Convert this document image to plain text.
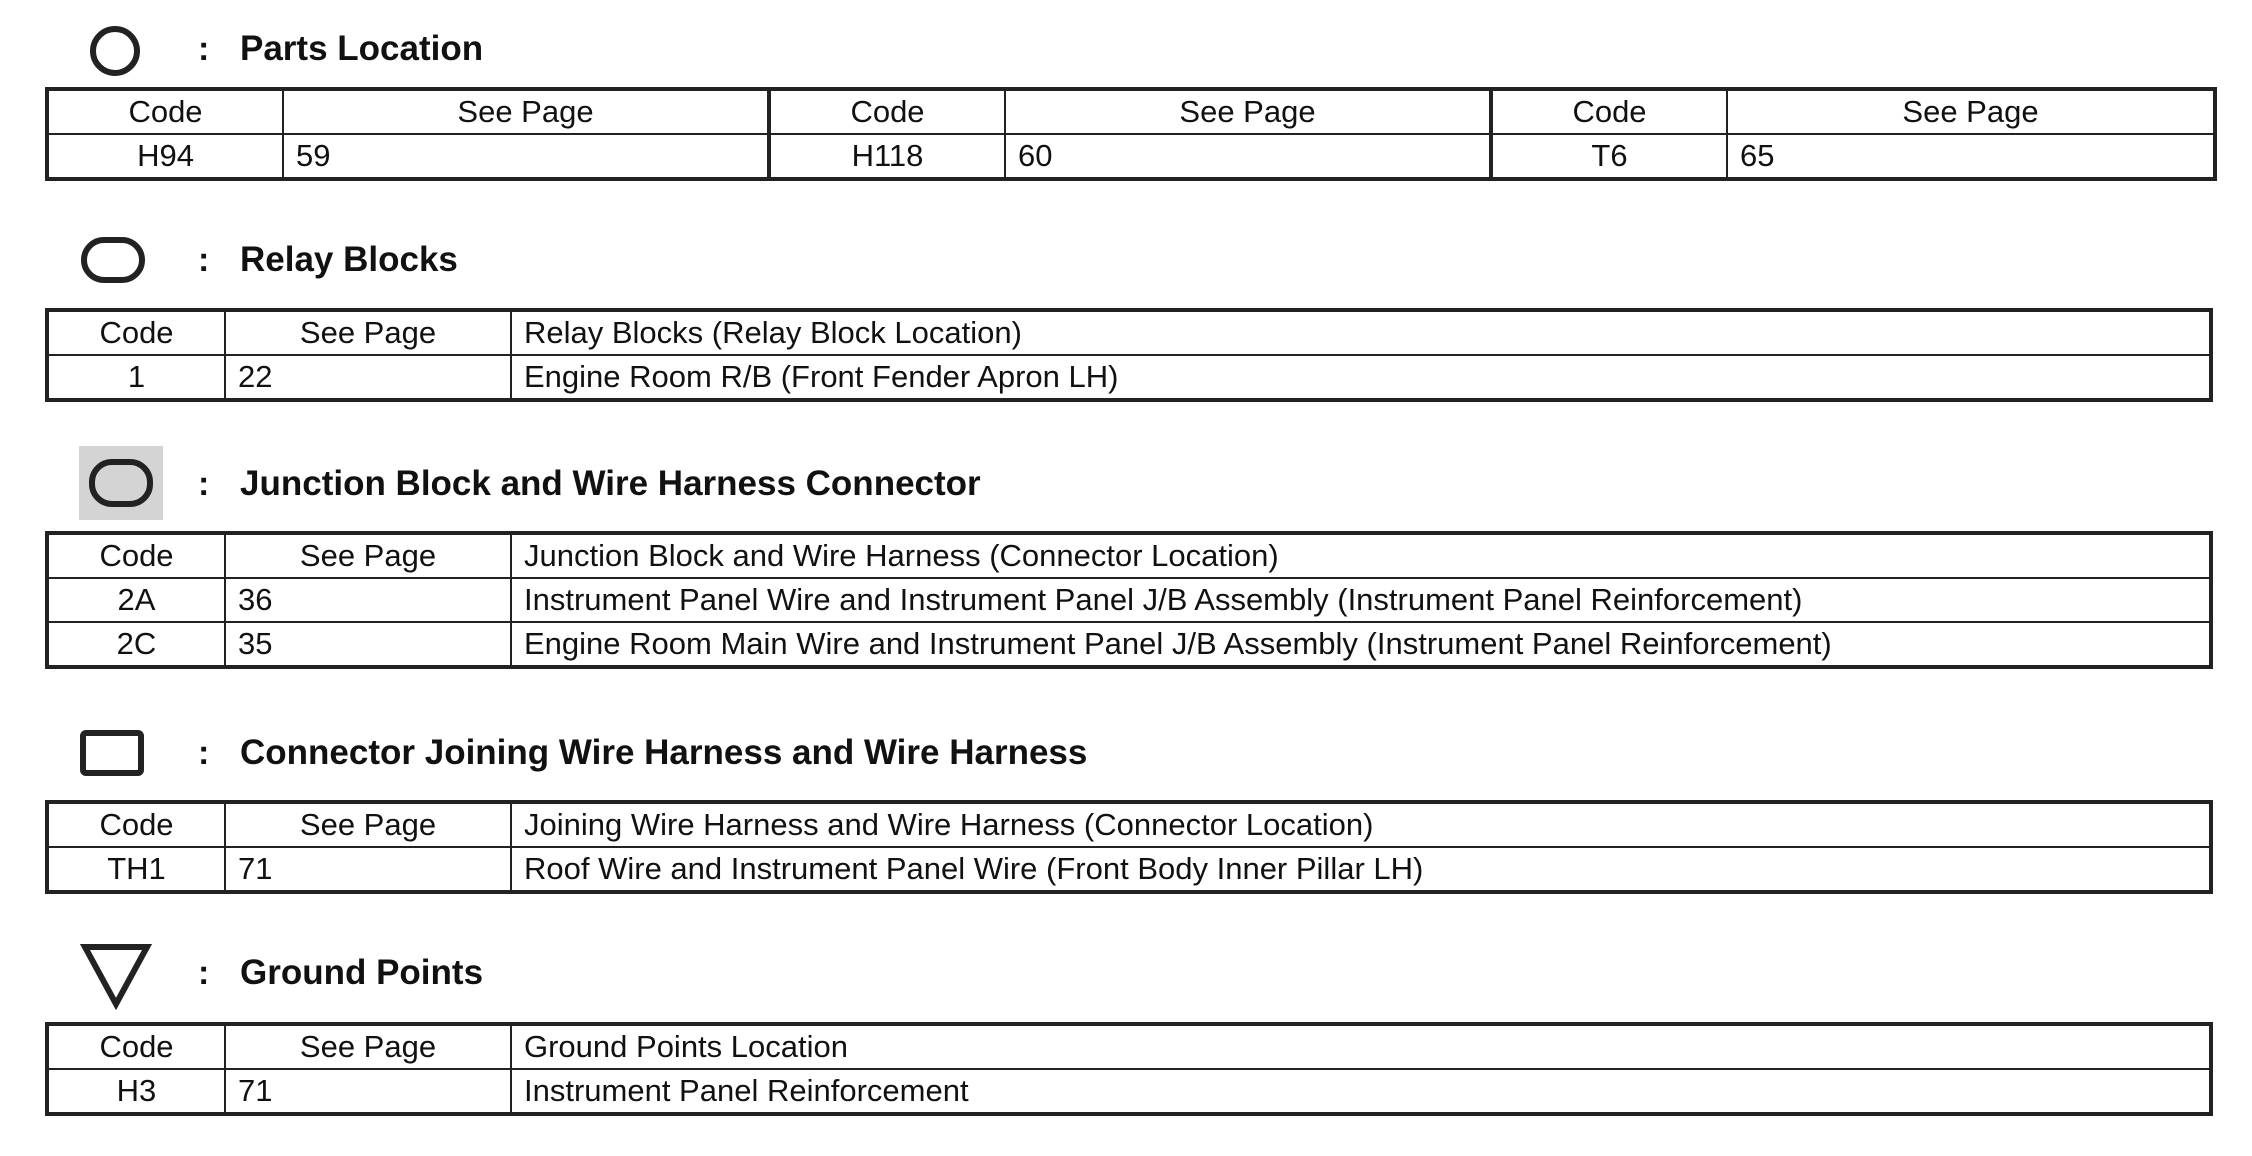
: Parts Location
Code	See Page	Code	See Page	Code	See Page
H94	59	H118	60	T6	65
: Relay Blocks
Code	See Page	Relay Blocks (Relay Block Location)
1	22	Engine Room R/B (Front Fender Apron LH)
: Junction Block and Wire Harness Connector
Code	See Page	Junction Block and Wire Harness (Connector Location)
2A	36	Instrument Panel Wire and Instrument Panel J/B Assembly (Instrument Panel Reinforcement)
2C	35	Engine Room Main Wire and Instrument Panel J/B Assembly (Instrument Panel Reinforcement)
: Connector Joining Wire Harness and Wire Harness
Code	See Page	Joining Wire Harness and Wire Harness (Connector Location)
TH1	71	Roof Wire and Instrument Panel Wire (Front Body Inner Pillar LH)
: Ground Points
Code	See Page	Ground Points Location
H3	71	Instrument Panel Reinforcement
